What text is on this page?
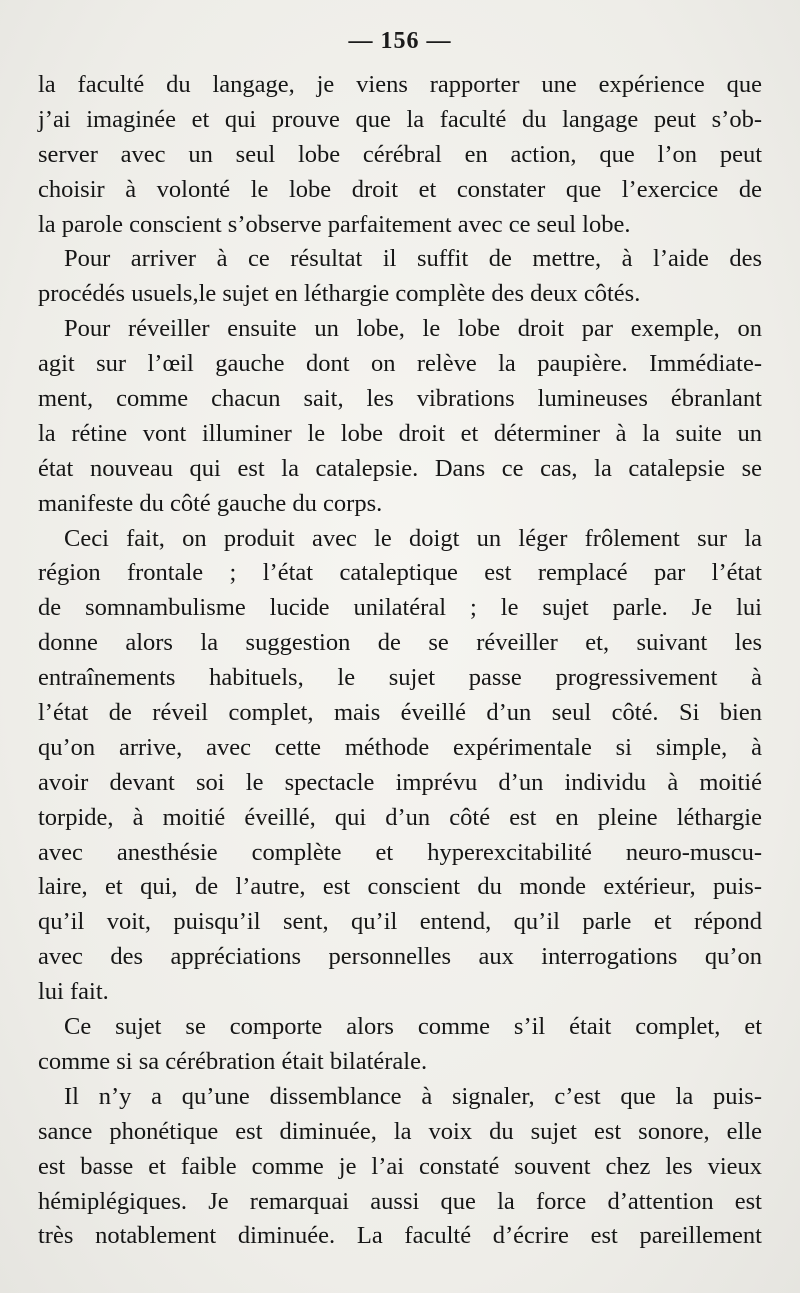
— 156 —
la faculté du langage, je viens rapporter une expérience que
j’ai imaginée et qui prouve que la faculté du langage peut s’ob-
server avec un seul lobe cérébral en action, que l’on peut
choisir à volonté le lobe droit et constater que l’exercice de
la parole conscient s’observe parfaitement avec ce seul lobe.
Pour arriver à ce résultat il suffit de mettre, à l’aide des
procédés usuels,le sujet en léthargie complète des deux côtés.
Pour réveiller ensuite un lobe, le lobe droit par exemple, on
agit sur l’œil gauche dont on relève la paupière. Immédiate-
ment, comme chacun sait, les vibrations lumineuses ébranlant
la rétine vont illuminer le lobe droit et déterminer à la suite un
état nouveau qui est la catalepsie. Dans ce cas, la catalepsie se
manifeste du côté gauche du corps.
Ceci fait, on produit avec le doigt un léger frôlement sur la
région frontale ; l’état cataleptique est remplacé par l’état
de somnambulisme lucide unilatéral ; le sujet parle. Je lui
donne alors la suggestion de se réveiller et, suivant les
entraînements habituels, le sujet passe progressivement à
l’état de réveil complet, mais éveillé d’un seul côté. Si bien
qu’on arrive, avec cette méthode expérimentale si simple, à
avoir devant soi le spectacle imprévu d’un individu à moitié
torpide, à moitié éveillé, qui d’un côté est en pleine léthargie
avec anesthésie complète et hyperexcitabilité neuro-muscu-
laire, et qui, de l’autre, est conscient du monde extérieur, puis-
qu’il voit, puisqu’il sent, qu’il entend, qu’il parle et répond
avec des appréciations personnelles aux interrogations qu’on
lui fait.
Ce sujet se comporte alors comme s’il était complet, et
comme si sa cérébration était bilatérale.
Il n’y a qu’une dissemblance à signaler, c’est que la puis-
sance phonétique est diminuée, la voix du sujet est sonore, elle
est basse et faible comme je l’ai constaté souvent chez les vieux
hémiplégiques. Je remarquai aussi que la force d’attention est
très notablement diminuée. La faculté d’écrire est pareillement
